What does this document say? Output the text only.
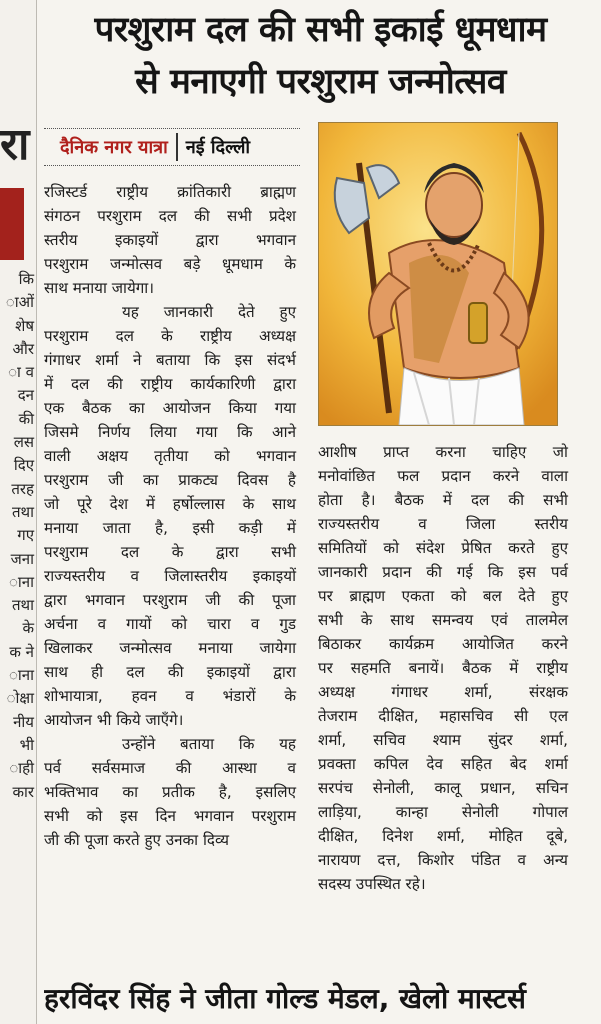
रा
कि
ाओं
शेष
और
ा व
दन
की
लस
दिए
तरह
तथा
गए
जना
ाना
तथा
के
क ने
ाना
ोक्षा
नीय
भी
ाही
कार
परशुराम दल की सभी इकाई धूमधाम
से मनाएगी परशुराम जन्मोत्सव
दैनिक नगर यात्रा नई दिल्ली
रजिस्टर्ड राष्ट्रीय क्रांतिकारी ब्राह्मण
संगठन परशुराम दल की सभी प्रदेश
स्तरीय इकाइयों द्वारा भगवान
परशुराम जन्मोत्सव बड़े धूमधाम के
साथ मनाया जायेगा।
यह जानकारी देते हुए
परशुराम दल के राष्ट्रीय अध्यक्ष
गंगाधर शर्मा ने बताया कि इस संदर्भ
में दल की राष्ट्रीय कार्यकारिणी द्वारा
एक बैठक का आयोजन किया गया
जिसमे निर्णय लिया गया कि आने
वाली अक्षय तृतीया को भगवान
परशुराम जी का प्राकट्य दिवस है
जो पूरे देश में हर्षोल्लास के साथ
मनाया जाता है, इसी कड़ी में
परशुराम दल के द्वारा सभी
राज्यस्तरीय व जिलास्तरीय इकाइयों
द्वारा भगवान परशुराम जी की पूजा
अर्चना व गायों को चारा व गुड
खिलाकर जन्मोत्सव मनाया जायेगा
साथ ही दल की इकाइयों द्वारा
शोभायात्रा, हवन व भंडारों के
आयोजन भी किये जाएँगे।
उन्होंने बताया कि यह
पर्व सर्वसमाज की आस्था व
भक्तिभाव का प्रतीक है, इसलिए
सभी को इस दिन भगवान परशुराम
जी की पूजा करते हुए उनका दिव्य
आशीष प्राप्त करना चाहिए जो
मनोवांछित फल प्रदान करने वाला
होता है। बैठक में दल की सभी
राज्यस्तरीय व जिला स्तरीय
समितियों को संदेश प्रेषित करते हुए
जानकारी प्रदान की गई कि इस पर्व
पर ब्राह्मण एकता को बल देते हुए
सभी के साथ समन्वय एवं तालमेल
बिठाकर कार्यक्रम आयोजित करने
पर सहमति बनायें। बैठक में राष्ट्रीय
अध्यक्ष गंगाधर शर्मा, संरक्षक
तेजराम दीक्षित, महासचिव सी एल
शर्मा, सचिव श्याम सुंदर शर्मा,
प्रवक्ता कपिल देव सहित बेद शर्मा
सरपंच सेनोली, कालू प्रधान, सचिन
लाड़िया, कान्हा सेनोली गोपाल
दीक्षित, दिनेश शर्मा, मोहित दूबे,
नारायण दत्त, किशोर पंडित व अन्य
सदस्य उपस्थित रहे।
हरविंदर सिंह ने जीता गोल्ड मेडल, खेलो मास्टर्स
